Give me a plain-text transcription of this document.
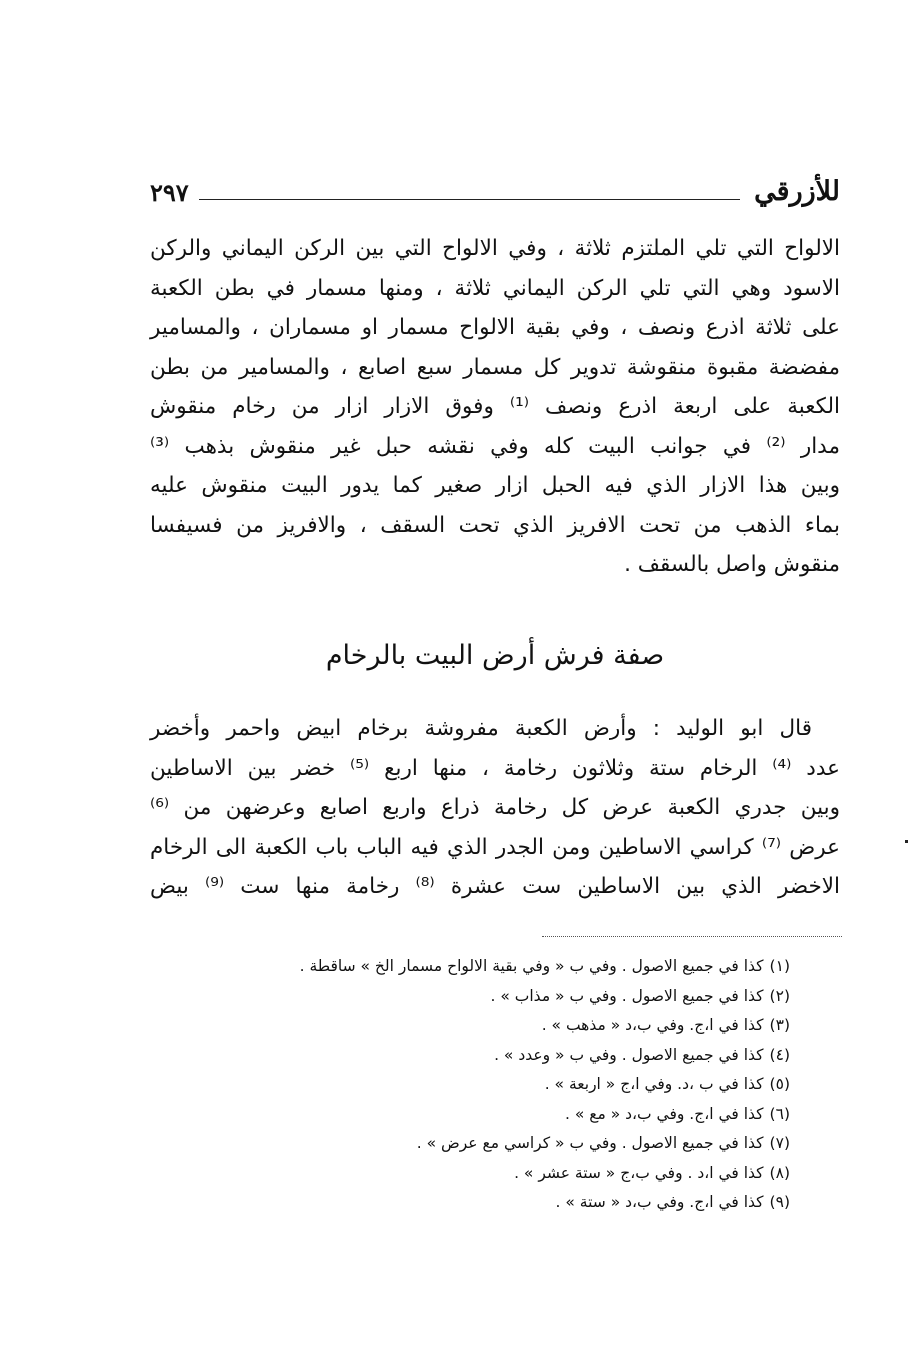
للأزرقي
٢٩٧
الالواح التي تلي الملتزم ثلاثة ، وفي الالواح التي بين الركن اليماني والركن
الاسود وهي التي تلي الركن اليماني ثلاثة ، ومنها مسمار في بطن الكعبة
على ثلاثة اذرع ونصف ، وفي بقية الالواح مسمار او مسماران ، والمسامير
مفضضة مقبوة منقوشة تدوير كل مسمار سبع اصابع ، والمسامير من بطن
الكعبة على اربعة اذرع ونصف ⁽¹⁾ وفوق الازار ازار من رخام منقوش
مدار ⁽²⁾ في جوانب البيت كله وفي نقشه حبل غير منقوش بذهب ⁽³⁾
وبين هذا الازار الذي فيه الحبل ازار صغير كما يدور البيت منقوش عليه
بماء الذهب من تحت الافريز الذي تحت السقف ، والافريز من فسيفسا
منقوش واصل بالسقف .
صفة فرش أرض البيت بالرخام
قال ابو الوليد : وأرض الكعبة مفروشة برخام ابيض واحمر وأخضر
عدد ⁽⁴⁾ الرخام ستة وثلاثون رخامة ، منها اربع ⁽⁵⁾ خضر بين الاساطين
وبين جدري الكعبة عرض كل رخامة ذراع واربع اصابع وعرضهن من ⁽⁶⁾
عرض ⁽⁷⁾ كراسي الاساطين ومن الجدر الذي فيه الباب باب الكعبة الى الرخام
الاخضر الذي بين الاساطين ست عشرة ⁽⁸⁾ رخامة منها ست ⁽⁹⁾ بيض
(١)كذا في جميع الاصول . وفي ب « وفي بقية الالواح مسمار الخ » ساقطة .
(٢)كذا في جميع الاصول . وفي ب « مذاب » .
(٣)كذا في ا،ج. وفي ب،د « مذهب » .
(٤)كذا في جميع الاصول . وفي ب « وعدد » .
(٥)كذا في ب ،د. وفي ا،ج « اربعة » .
(٦)كذا في ا،ج. وفي ب،د « مع » .
(٧)كذا في جميع الاصول . وفي ب « كراسي مع عرض » .
(٨)كذا في ا،د . وفي ب،ج « ستة عشر » .
(٩)كذا في ا،ج. وفي ب،د « ستة » .
